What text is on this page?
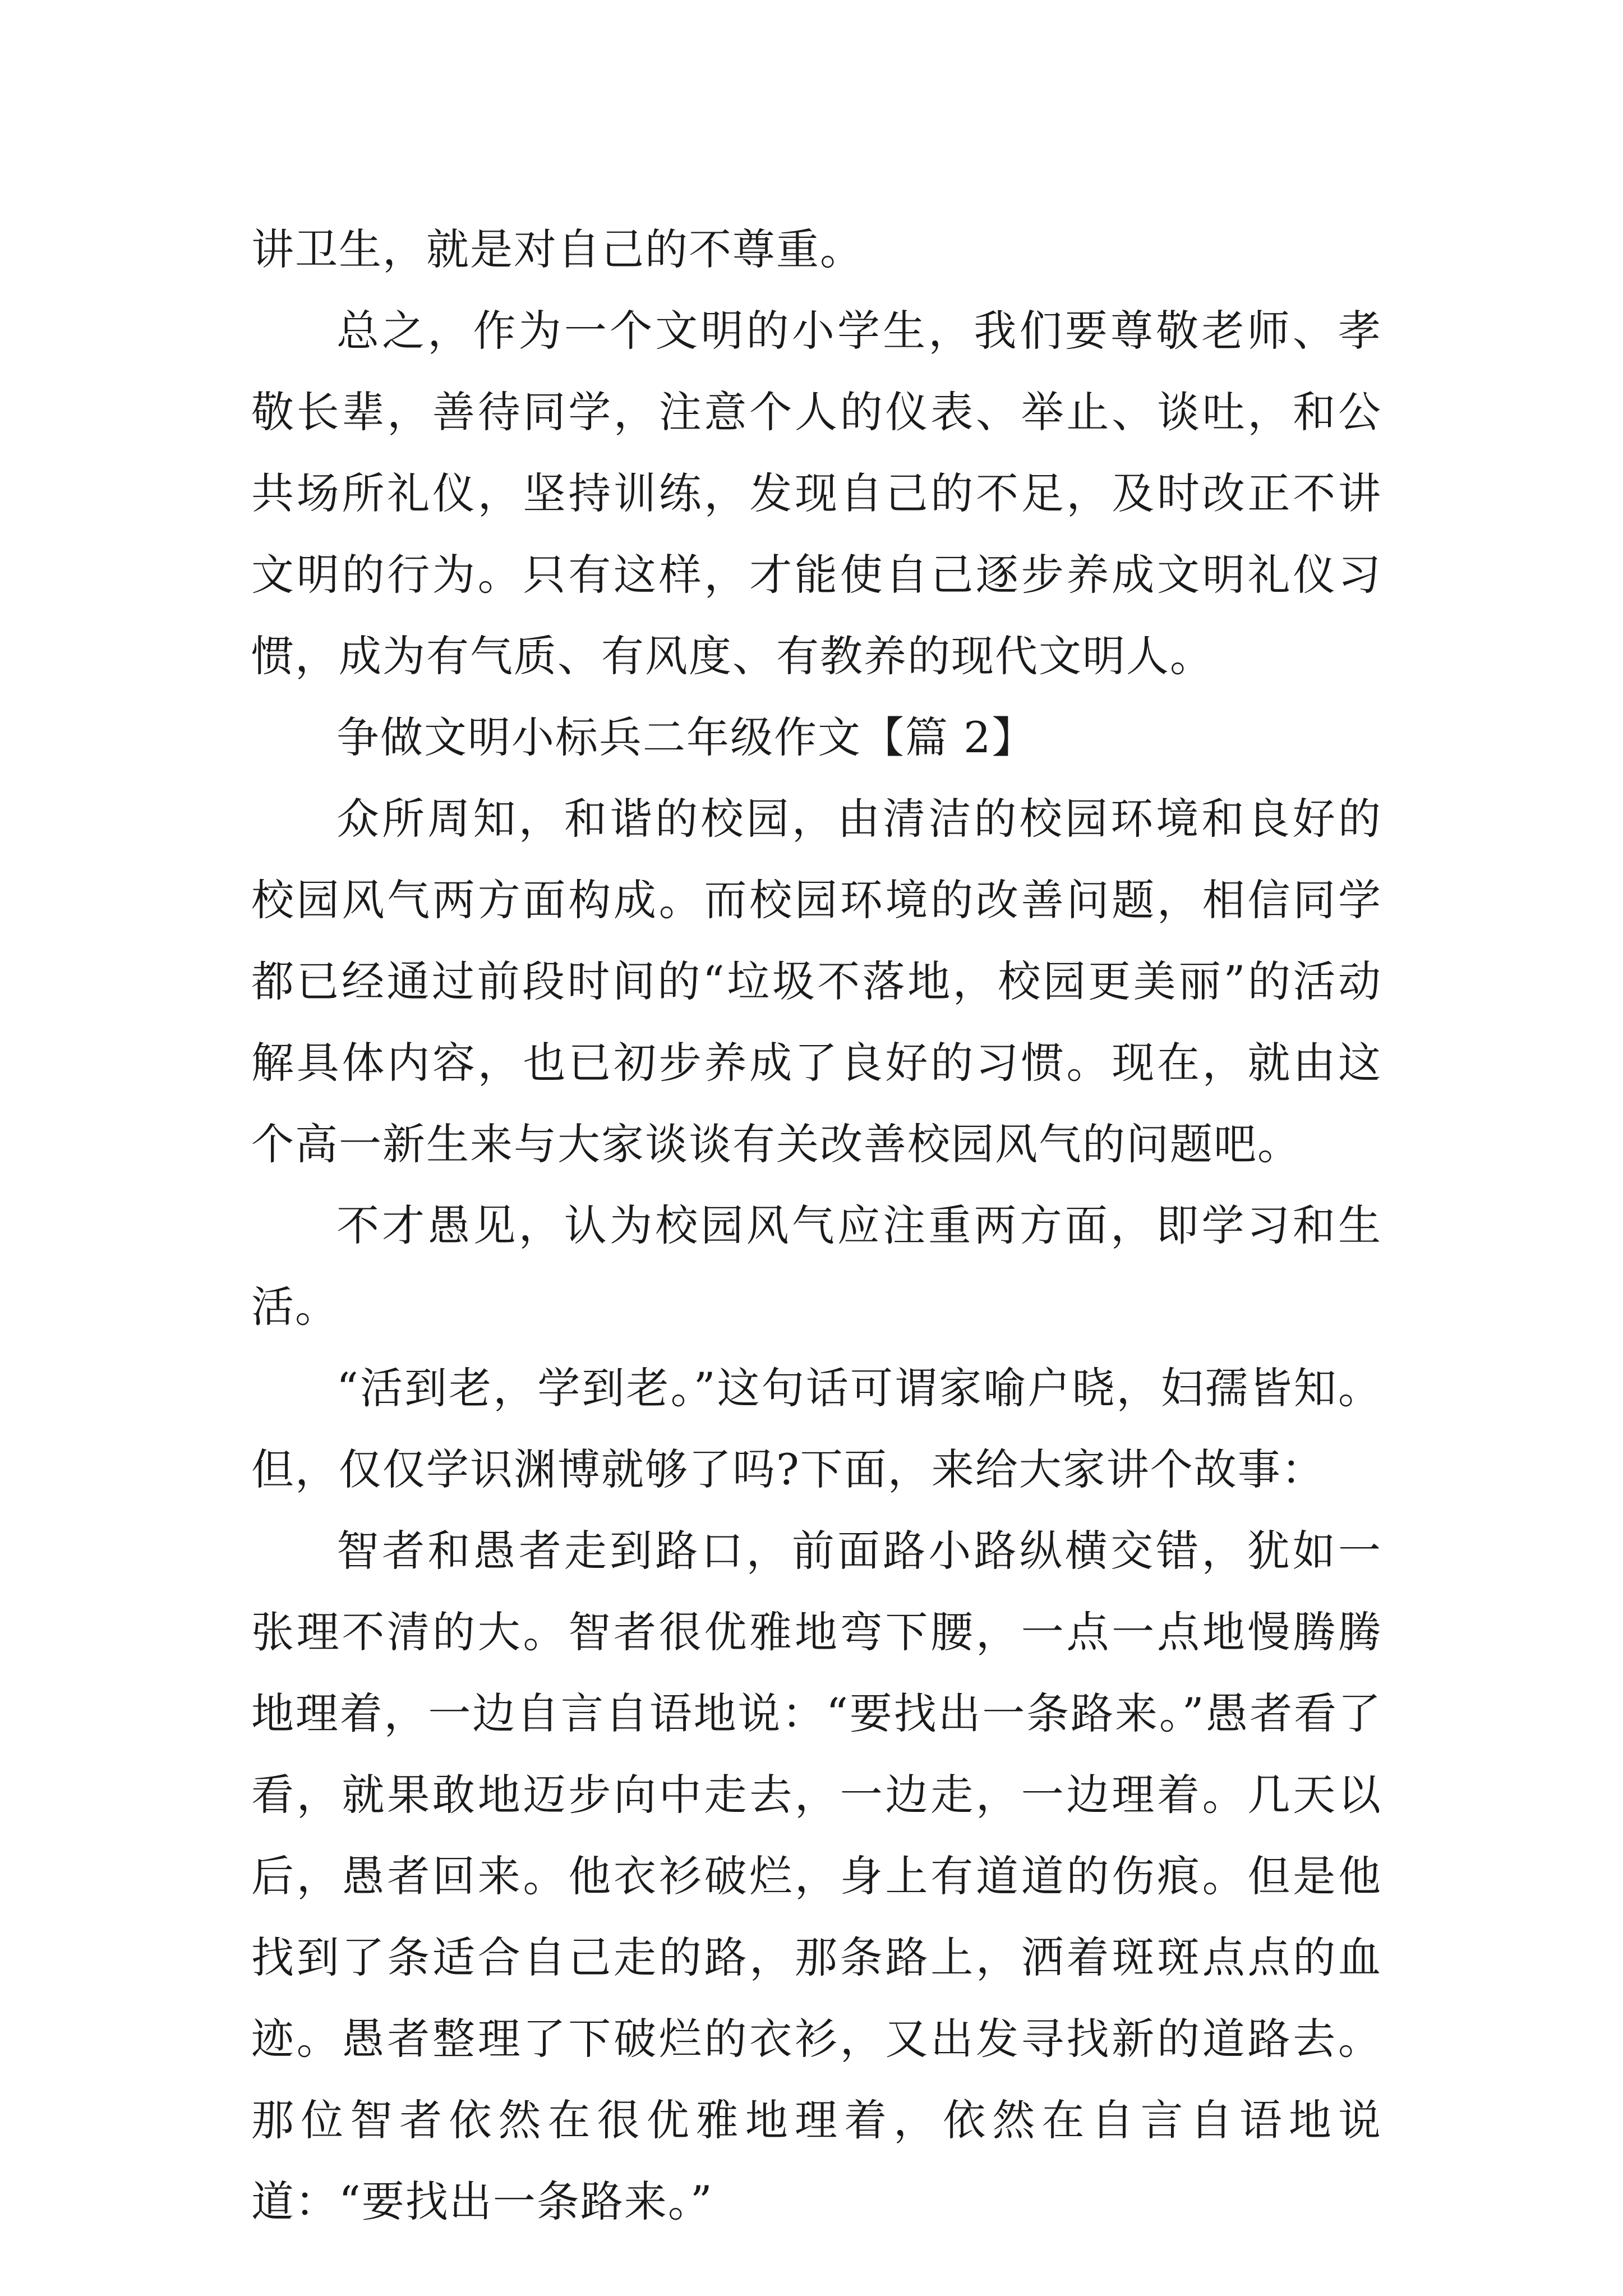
讲卫生，就是对自己的不尊重。

总之，作为一个文明的小学生，我们要尊敬老师、孝敬长辈，善待同学，注意个人的仪表、举止、谈吐，和公共场所礼仪，坚持训练，发现自己的不足，及时改正不讲文明的行为。只有这样，才能使自己逐步养成文明礼仪习惯，成为有气质、有风度、有教养的现代文明人。

争做文明小标兵二年级作文【篇 2】

众所周知，和谐的校园，由清洁的校园环境和良好的校园风气两方面构成。而校园环境的改善问题，相信同学都已经通过前段时间的“垃圾不落地，校园更美丽”的活动解具体内容，也已初步养成了良好的习惯。现在，就由这个高一新生来与大家谈谈有关改善校园风气的问题吧。

不才愚见，认为校园风气应注重两方面，即学习和生活。

“活到老，学到老。”这句话可谓家喻户晓，妇孺皆知。但，仅仅学识渊博就够了吗?下面，来给大家讲个故事：

智者和愚者走到路口，前面路小路纵横交错，犹如一张理不清的大。智者很优雅地弯下腰，一点一点地慢腾腾地理着，一边自言自语地说：“要找出一条路来。”愚者看了看，就果敢地迈步向中走去，一边走，一边理着。几天以后，愚者回来。他衣衫破烂，身上有道道的伤痕。但是他找到了条适合自己走的路，那条路上，洒着斑斑点点的血迹。愚者整理了下破烂的衣衫，又出发寻找新的道路去。那位智者依然在很优雅地理着，依然在自言自语地说道：“要找出一条路来。”
